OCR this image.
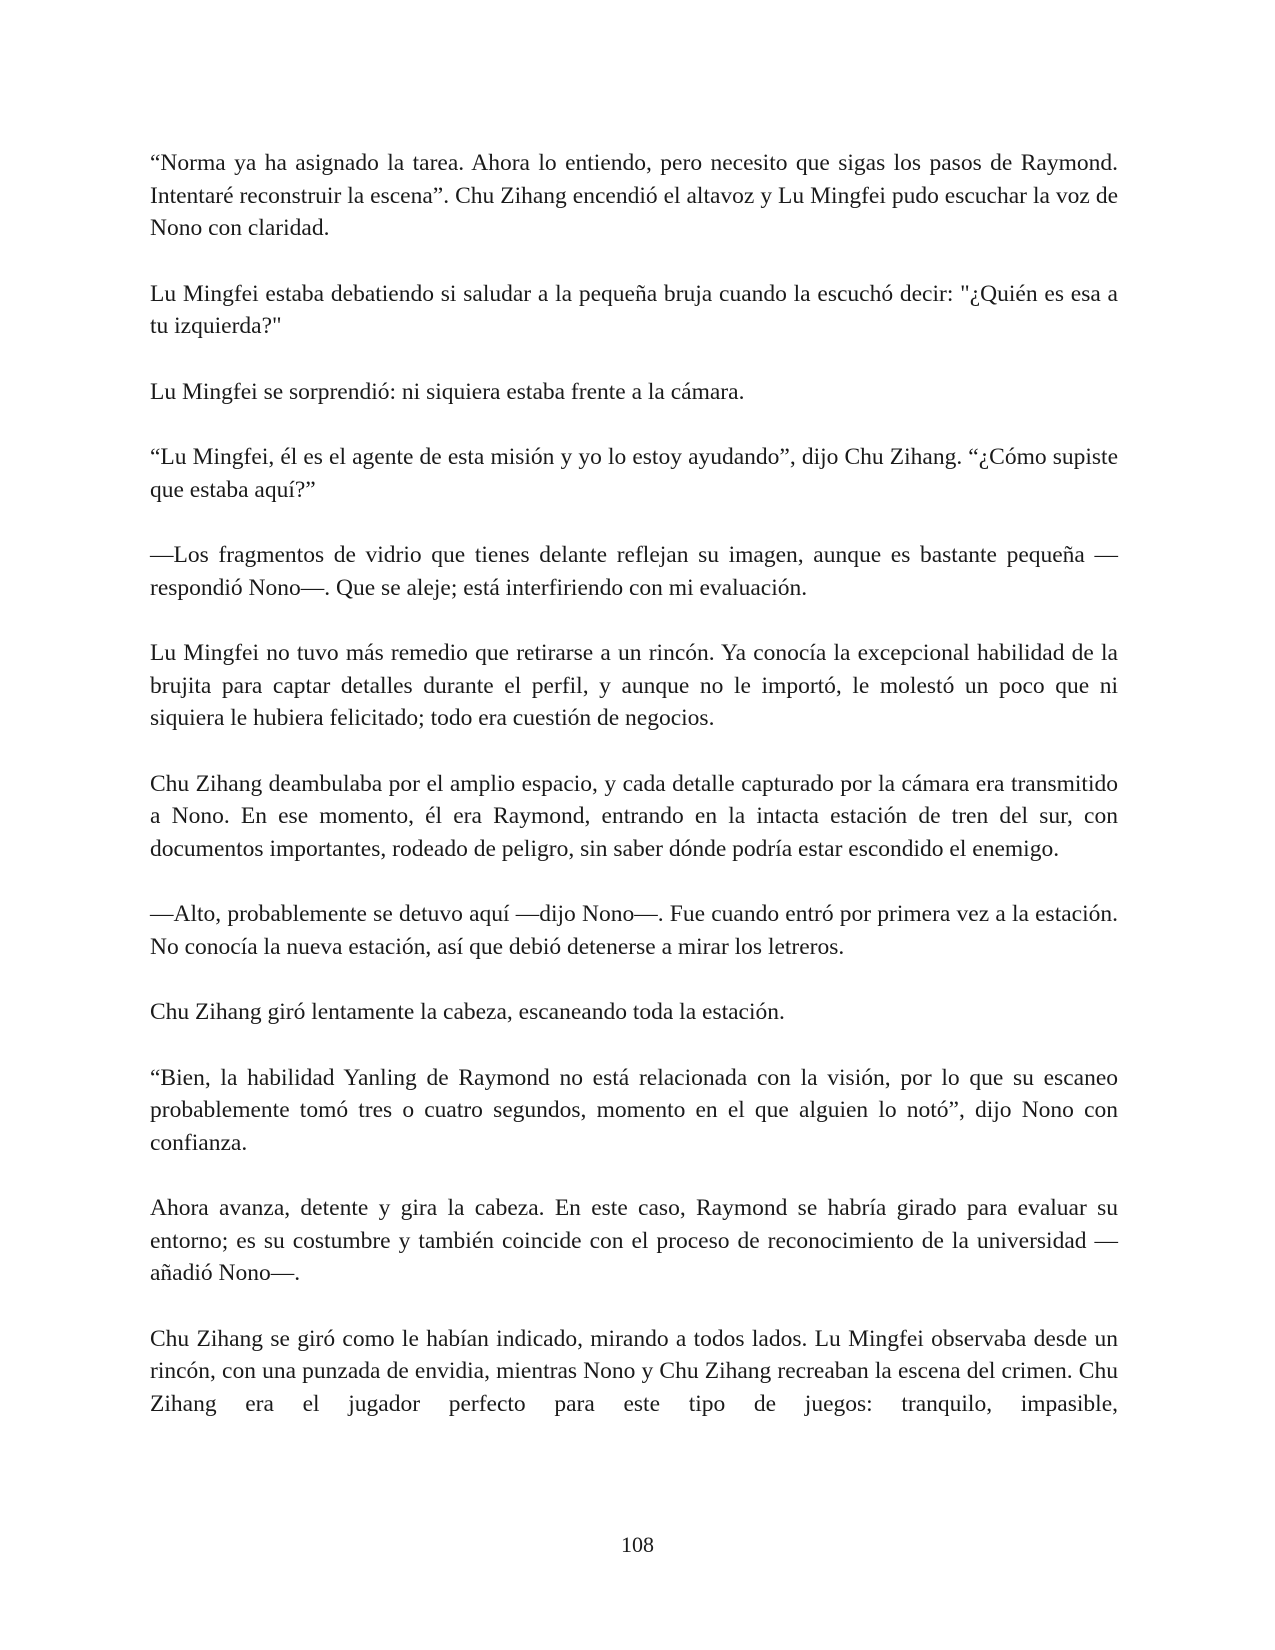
“Norma ya ha asignado la tarea. Ahora lo entiendo, pero necesito que sigas los pasos de Raymond. Intentaré reconstruir la escena”. Chu Zihang encendió el altavoz y Lu Mingfei pudo escuchar la voz de Nono con claridad.

Lu Mingfei estaba debatiendo si saludar a la pequeña bruja cuando la escuchó decir: "¿Quién es esa a tu izquierda?"

Lu Mingfei se sorprendió: ni siquiera estaba frente a la cámara.

“Lu Mingfei, él es el agente de esta misión y yo lo estoy ayudando”, dijo Chu Zihang. “¿Cómo supiste que estaba aquí?”

—Los fragmentos de vidrio que tienes delante reflejan su imagen, aunque es bastante pequeña —respondió Nono—. Que se aleje; está interfiriendo con mi evaluación.

Lu Mingfei no tuvo más remedio que retirarse a un rincón. Ya conocía la excepcional habilidad de la brujita para captar detalles durante el perfil, y aunque no le importó, le molestó un poco que ni siquiera le hubiera felicitado; todo era cuestión de negocios.

Chu Zihang deambulaba por el amplio espacio, y cada detalle capturado por la cámara era transmitido a Nono. En ese momento, él era Raymond, entrando en la intacta estación de tren del sur, con documentos importantes, rodeado de peligro, sin saber dónde podría estar escondido el enemigo.

—Alto, probablemente se detuvo aquí —dijo Nono—. Fue cuando entró por primera vez a la estación. No conocía la nueva estación, así que debió detenerse a mirar los letreros.

Chu Zihang giró lentamente la cabeza, escaneando toda la estación.

“Bien, la habilidad Yanling de Raymond no está relacionada con la visión, por lo que su escaneo probablemente tomó tres o cuatro segundos, momento en el que alguien lo notó”, dijo Nono con confianza.

Ahora avanza, detente y gira la cabeza. En este caso, Raymond se habría girado para evaluar su entorno; es su costumbre y también coincide con el proceso de reconocimiento de la universidad —añadió Nono—.

Chu Zihang se giró como le habían indicado, mirando a todos lados. Lu Mingfei observaba desde un rincón, con una punzada de envidia, mientras Nono y Chu Zihang recreaban la escena del crimen. Chu Zihang era el jugador perfecto para este tipo de juegos: tranquilo, impasible,

108
